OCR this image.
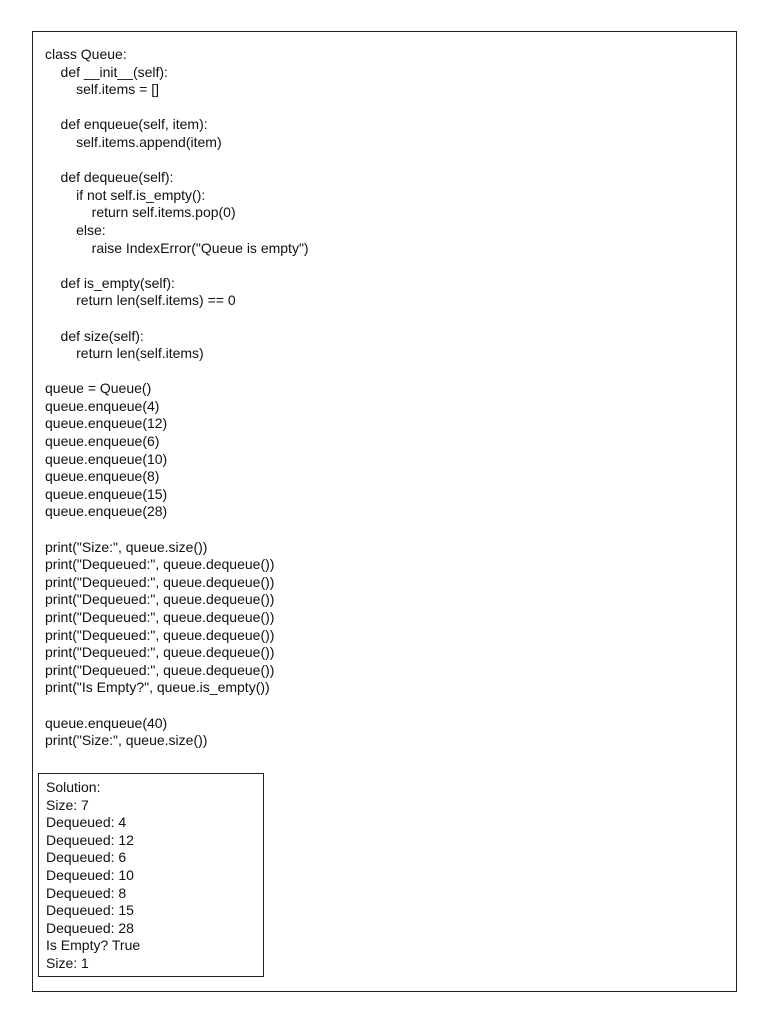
class Queue:
def __init__(self):
self.items = []
def enqueue(self, item):
self.items.append(item)
def dequeue(self):
if not self.is_empty():
return self.items.pop(0)
else:
raise IndexError("Queue is empty")
def is_empty(self):
return len(self.items) == 0
def size(self):
return len(self.items)
queue = Queue()
queue.enqueue(4)
queue.enqueue(12)
queue.enqueue(6)
queue.enqueue(10)
queue.enqueue(8)
queue.enqueue(15)
queue.enqueue(28)
print("Size:", queue.size())
print("Dequeued:", queue.dequeue())
print("Dequeued:", queue.dequeue())
print("Dequeued:", queue.dequeue())
print("Dequeued:", queue.dequeue())
print("Dequeued:", queue.dequeue())
print("Dequeued:", queue.dequeue())
print("Dequeued:", queue.dequeue())
print("Is Empty?", queue.is_empty())
queue.enqueue(40)
print("Size:", queue.size())
Solution:
Size: 7
Dequeued: 4
Dequeued: 12
Dequeued: 6
Dequeued: 10
Dequeued: 8
Dequeued: 15
Dequeued: 28
Is Empty? True
Size: 1
